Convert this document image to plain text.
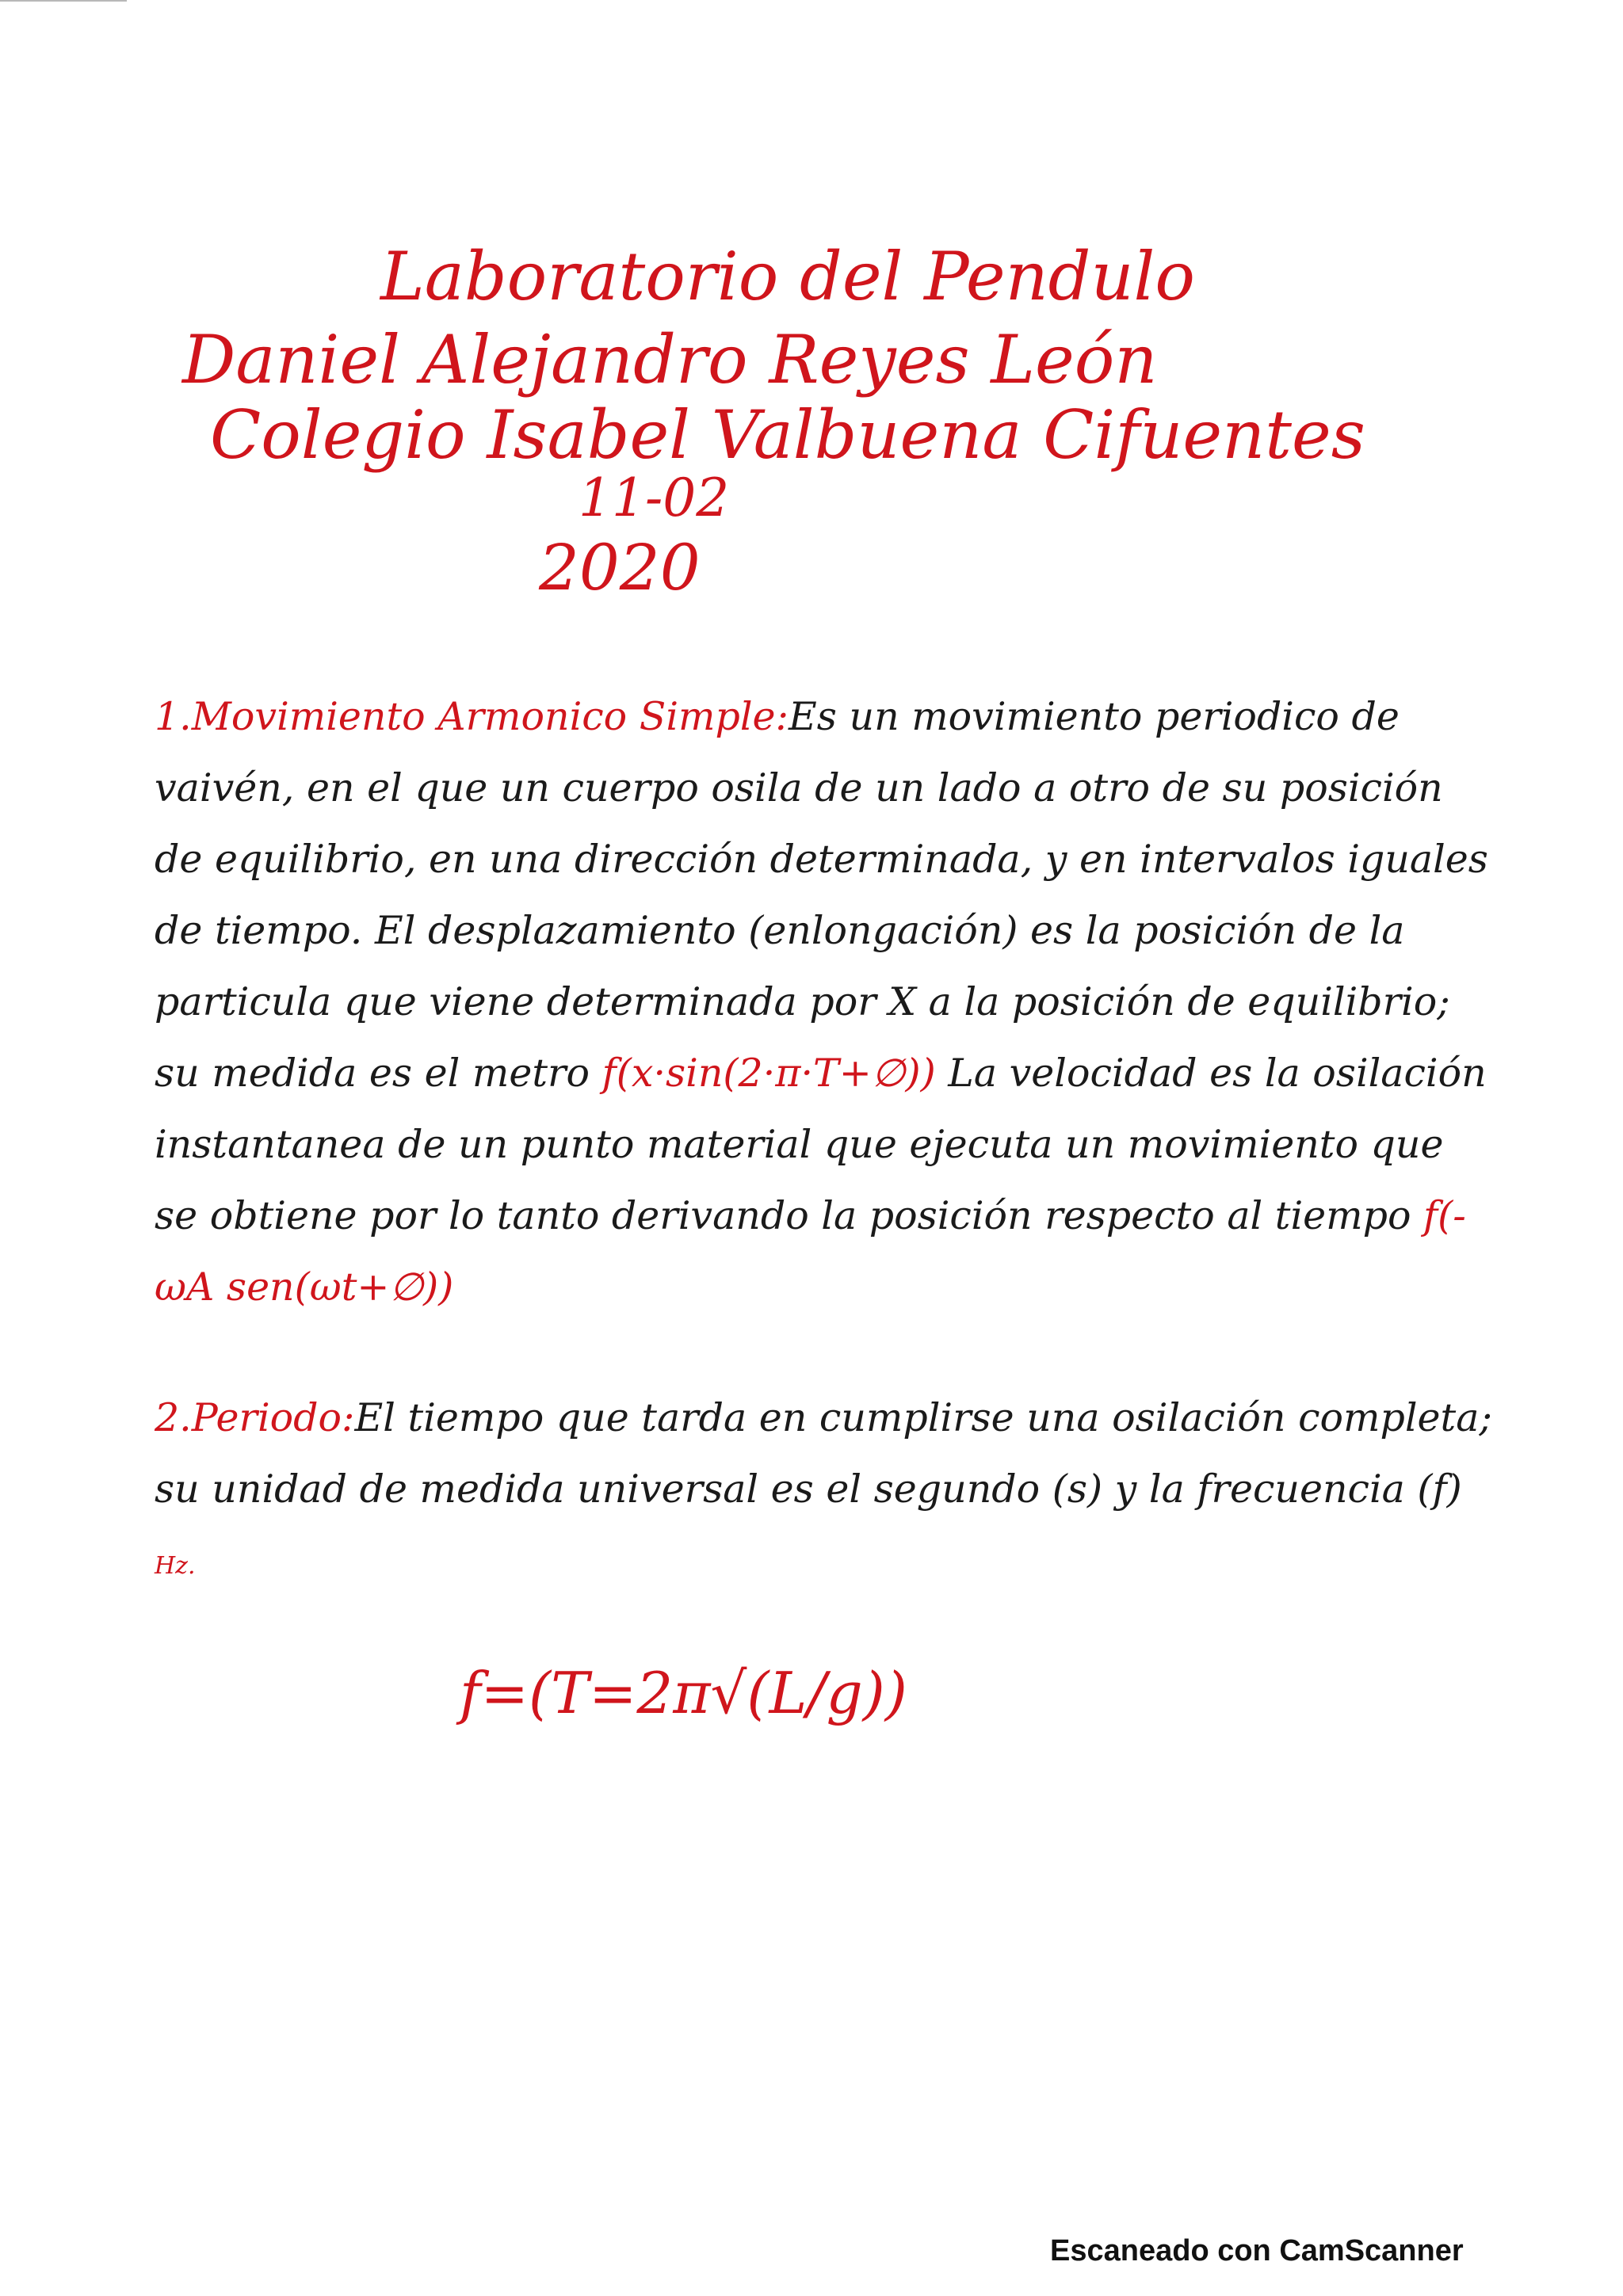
Laboratorio del Pendulo
Daniel Alejandro Reyes León
Colegio Isabel Valbuena Cifuentes
11-02
2020
1.Movimiento Armonico Simple:Es un movimiento periodico de vaivén, en el que un cuerpo osila de un lado a otro de su posición de equilibrio, en una dirección determinada, y en intervalos iguales de tiempo. El desplazamiento (enlongación) es la posición de la particula que viene determinada por X a la posición de equilibrio; su medida es el metro f(x·sin(2·π·T+∅)) La velocidad es la osilación instantanea de un punto material que ejecuta un movimiento que se obtiene por lo tanto derivando la posición respecto al tiempo f(-ωA sen(ωt+∅))
2.Periodo:El tiempo que tarda en cumplirse una osilación completa; su unidad de medida universal es el segundo (s) y la frecuencia (f) Hz.
f=(T=2π√(L/g))
Escaneado con CamScanner
